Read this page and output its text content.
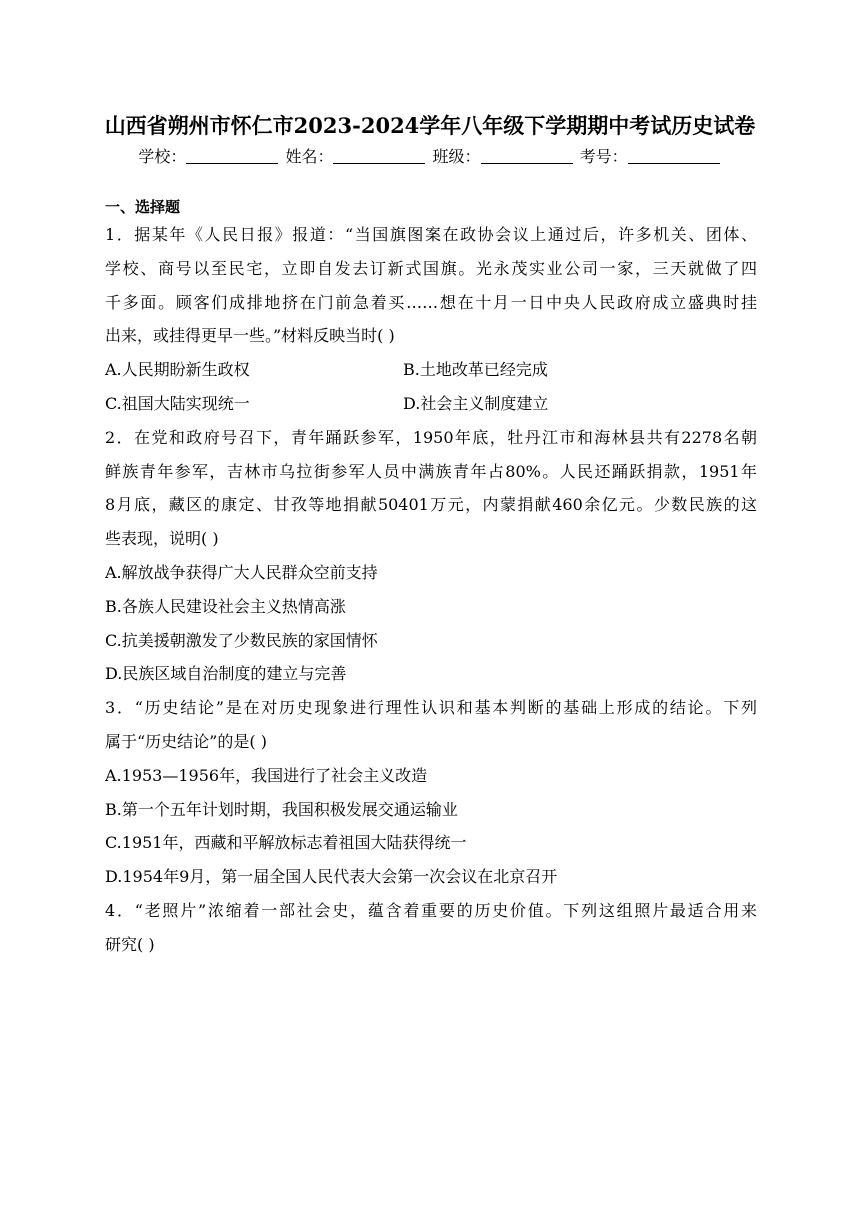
山西省朔州市怀仁市2023-2024学年八年级下学期期中考试历史试卷
学校：	姓名：	班级：	考号：
一、选择题
1．据某年《人民日报》报道：“当国旗图案在政协会议上通过后，许多机关、团体、
学校、商号以至民宅，立即自发去订新式国旗。光永茂实业公司一家，三天就做了四
千多面。顾客们成排地挤在门前急着买……想在十月一日中央人民政府成立盛典时挂
出来，或挂得更早一些。”材料反映当时( )
A.人民期盼新生政权	B.土地改革已经完成
C.祖国大陆实现统一	D.社会主义制度建立
2．在党和政府号召下，青年踊跃参军，1950年底，牡丹江市和海林县共有2278名朝
鲜族青年参军，吉林市乌拉街参军人员中满族青年占80%。人民还踊跃捐款，1951年
8月底，藏区的康定、甘孜等地捐献50401万元，内蒙捐献460余亿元。少数民族的这
些表现，说明( )
A.解放战争获得广大人民群众空前支持
B.各族人民建设社会主义热情高涨
C.抗美援朝激发了少数民族的家国情怀
D.民族区域自治制度的建立与完善
3．“历史结论”是在对历史现象进行理性认识和基本判断的基础上形成的结论。下列
属于“历史结论”的是( )
A.1953—1956年，我国进行了社会主义改造
B.第一个五年计划时期，我国积极发展交通运输业
C.1951年，西藏和平解放标志着祖国大陆获得统一
D.1954年9月，第一届全国人民代表大会第一次会议在北京召开
4．“老照片”浓缩着一部社会史，蕴含着重要的历史价值。下列这组照片最适合用来
研究( )
